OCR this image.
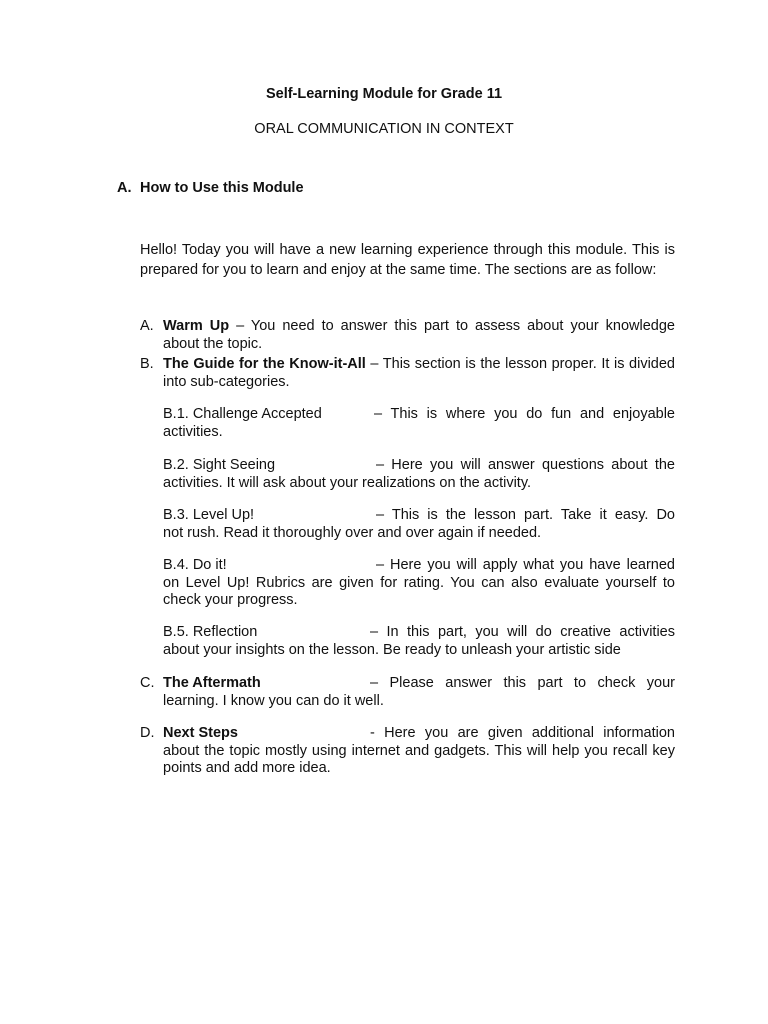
Self-Learning Module for Grade 11
ORAL COMMUNICATION IN CONTEXT
A. How to Use this Module
Hello! Today you will have a new learning experience through this module. This is prepared for you to learn and enjoy at the same time. The sections are as follow:
A. Warm Up – You need to answer this part to assess about your knowledge about the topic.
B. The Guide for the Know-it-All – This section is the lesson proper. It is divided into sub-categories.
B.1. Challenge Accepted	– This is where you do fun and enjoyable
activities.
B.2. Sight Seeing	– Here you will answer questions about the
activities. It will ask about your realizations on the activity.
B.3. Level Up!	– This is the lesson part. Take it easy. Do
not rush. Read it thoroughly over and over again if needed.
B.4. Do it!	– Here you will apply what you have learned
on Level Up! Rubrics are given for rating. You can also evaluate yourself to check your progress.
B.5. Reflection	– In this part, you will do creative activities
about your insights on the lesson. Be ready to unleash your artistic side
C. The Aftermath	– Please answer this part to check your
learning. I know you can do it well.
D. Next Steps	- Here you are given additional information
about the topic mostly using internet and gadgets. This will help you recall key points and add more idea.
